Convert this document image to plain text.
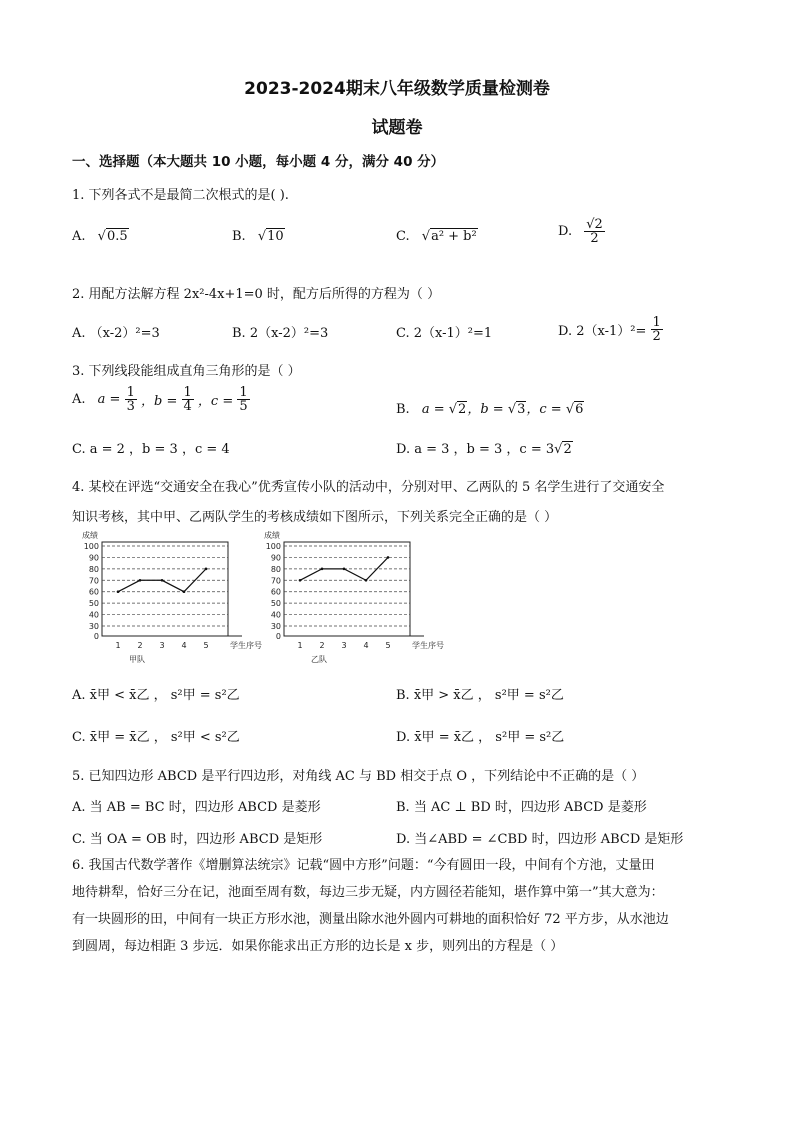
2023-2024期末八年级数学质量检测卷
试题卷
一、选择题（本大题共 10 小题，每小题 4 分，满分 40 分）
1. 下列各式不是最简二次根式的是( ).
A. √0.5	B. √10	C. √a² + b²	D. $\frac{√2}{2}$
2. 用配方法解方程 2x²-4x+1=0 时，配方后所得的方程为（ ）
A. （x-2）²=3	B. 2（x-2）²=3	C. 2（x-1）²=1	D. $2(x-1)^2= \frac{1}{2}$
3. 下列线段能组成直角三角形的是（ ）
A. $a = \frac{1}{3}$ ，$b = \frac{1}{4}$ ，$c = \frac{1}{5}$	B. a = √2，b = √3，c = √6
C. a = 2 ，b = 3 ，c = 4	D. a = 3 ，b = 3 ，c = 3√2
4. 某校在评选“交通安全在我心”优秀宣传小队的活动中，分别对甲、乙两队的 5 名学生进行了交通安全
知识考核，其中甲、乙两队学生的考核成绩如下图所示，下列关系完全正确的是（ ）
0
30
40
50
60
70
80
90
100
成绩
1 2 3 4 5	学生序号
甲队
0
30
40
50
60
70
80
90
100
成绩
1 2 3 4 5	学生序号
乙队
A. x̄甲 < x̄乙 ， s²甲 = s²乙	B. x̄甲 > x̄乙 ， s²甲 = s²乙
C. x̄甲 = x̄乙 ， s²甲 < s²乙	D. x̄甲 = x̄乙 ， s²甲 = s²乙
5. 已知四边形 ABCD 是平行四边形，对角线 AC 与 BD 相交于点 O ，下列结论中不正确的是（ ）
A. 当 AB = BC 时，四边形 ABCD 是菱形	B. 当 AC ⊥ BD 时，四边形 ABCD 是菱形
C. 当 OA = OB 时，四边形 ABCD 是矩形	D. 当∠ABD = ∠CBD 时，四边形 ABCD 是矩形
6. 我国古代数学著作《增删算法统宗》记载“圆中方形”问题：“今有圆田一段，中间有个方池，丈量田
地待耕犁，恰好三分在记，池面至周有数，每边三步无疑，内方圆径若能知，堪作算中第一”其大意为：
有一块圆形的田，中间有一块正方形水池，测量出除水池外圆内可耕地的面积恰好 72 平方步，从水池边
到圆周，每边相距 3 步远．如果你能求出正方形的边长是 x 步，则列出的方程是（ ）
